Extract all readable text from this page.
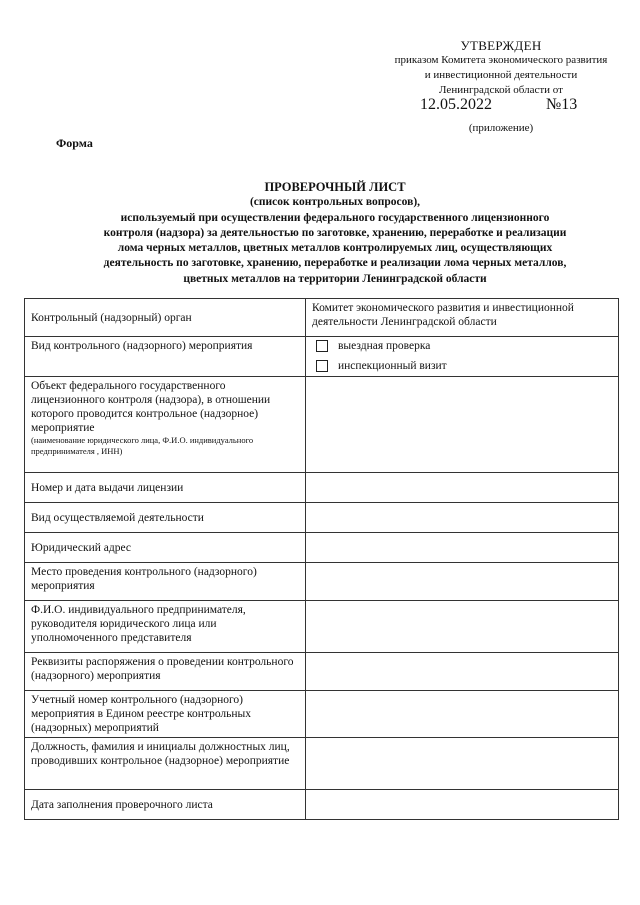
УТВЕРЖДЕН
приказом Комитета экономического развития
и инвестиционной деятельности
Ленинградской области от
12.05.2022	№13
(приложение)
Форма
ПРОВЕРОЧНЫЙ ЛИСТ
(список контрольных вопросов),
используемый при осуществлении федерального государственного лицензионного
контроля (надзора) за деятельностью по заготовке, хранению, переработке и реализации
лома черных металлов, цветных металлов контролируемых лиц, осуществляющих
деятельность по заготовке, хранению, переработке и реализации лома черных металлов,
цветных металлов на территории Ленинградской области
Контрольный (надзорный) орган	Комитет экономического развития и инвестиционной деятельности Ленинградской области
Вид контрольного (надзорного) мероприятия	выездная проверка
инспекционный визит

Объект федерального государственного лицензионного контроля (надзора), в отношении которого проводится контрольное (надзорное) мероприятие
(наименование юридического лица, Ф.И.О. индивидуального предпринимателя , ИНН)	

Номер и дата выдачи лицензии	
Вид осуществляемой деятельности	
Юридический адрес	
Место проведения контрольного (надзорного) мероприятия	
Ф.И.О. индивидуального предпринимателя, руководителя юридического лица или уполномоченного представителя	
Реквизиты распоряжения о проведении контрольного (надзорного) мероприятия	
Учетный номер контрольного (надзорного) мероприятия в Едином реестре контрольных (надзорных) мероприятий	
Должность, фамилия и инициалы должностных лиц, проводивших контрольное (надзорное) мероприятие	
Дата заполнения проверочного листа	
